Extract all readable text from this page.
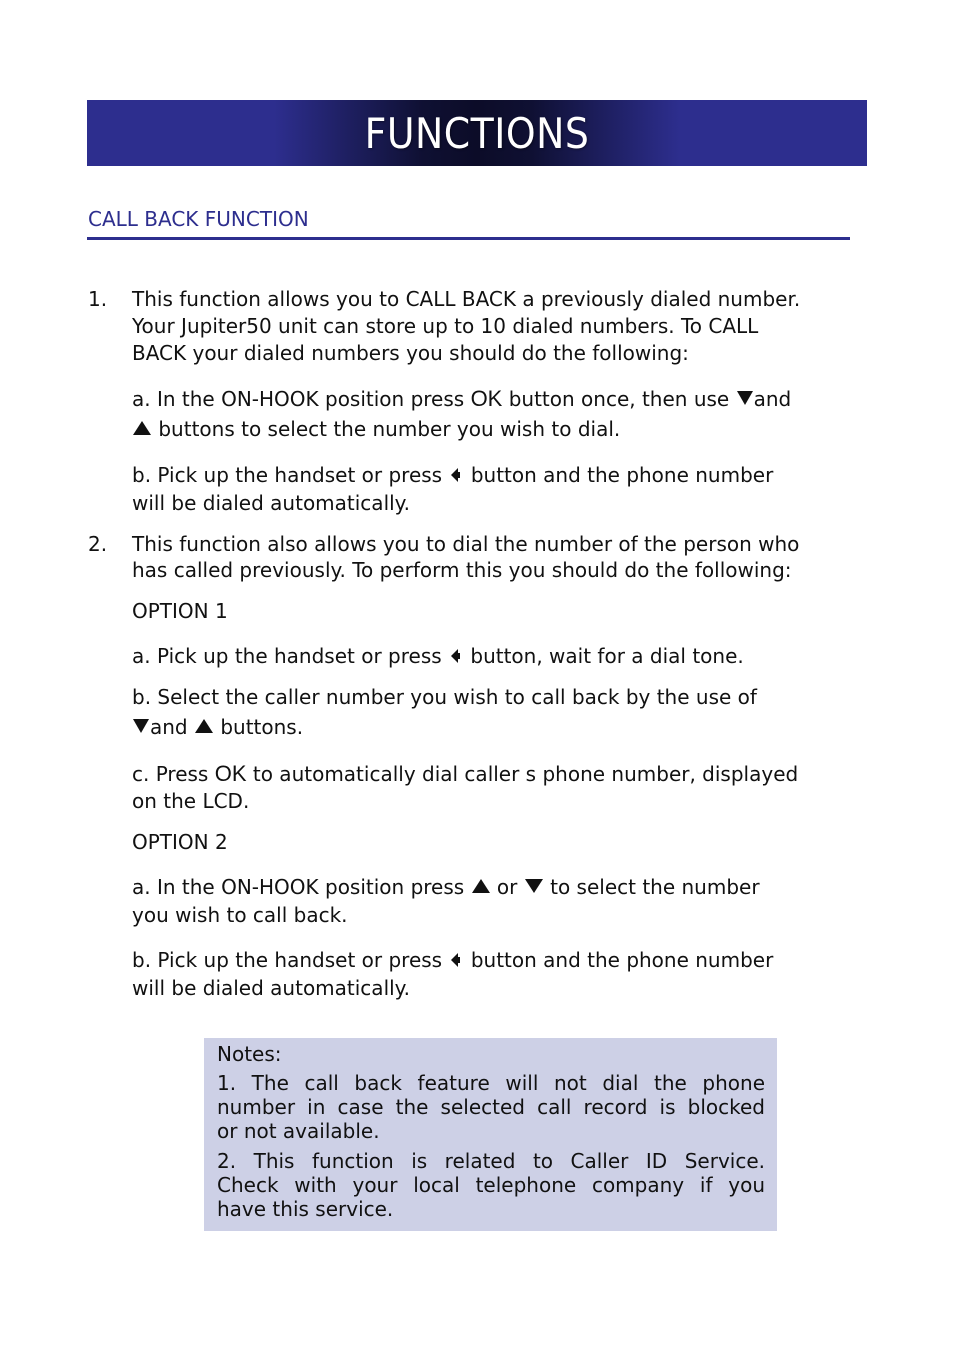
FUNCTIONS
CALL BACK FUNCTION
1. This function allows you to CALL BACK a previously dialed number.
Your Jupiter50 unit can store up to 10 dialed numbers. To CALL
BACK your dialed numbers you should do the following:
a. In the ON-HOOK position press OK button once, then use and
buttons to select the number you wish to dial.
b. Pick up the handset or press  button and the phone number
will be dialed automatically.
2. This function also allows you to dial the number of the person who
has called previously. To perform this you should do the following:
OPTION 1
a. Pick up the handset or press  button, wait for a dial tone.
b. Select the caller number you wish to call back by the use of
and  buttons.
c. Press OK to automatically dial caller s phone number, displayed
on the LCD.
OPTION 2
a. In the ON-HOOK position press  or  to select the number
you wish to call back.
b. Pick up the handset or press  button and the phone number
will be dialed automatically.
Notes:
1. The call back feature will not dial the phone
number in case the selected call record is blocked
or not available.
2. This function is related to Caller ID Service.
Check with your local telephone company if you
have this service.
